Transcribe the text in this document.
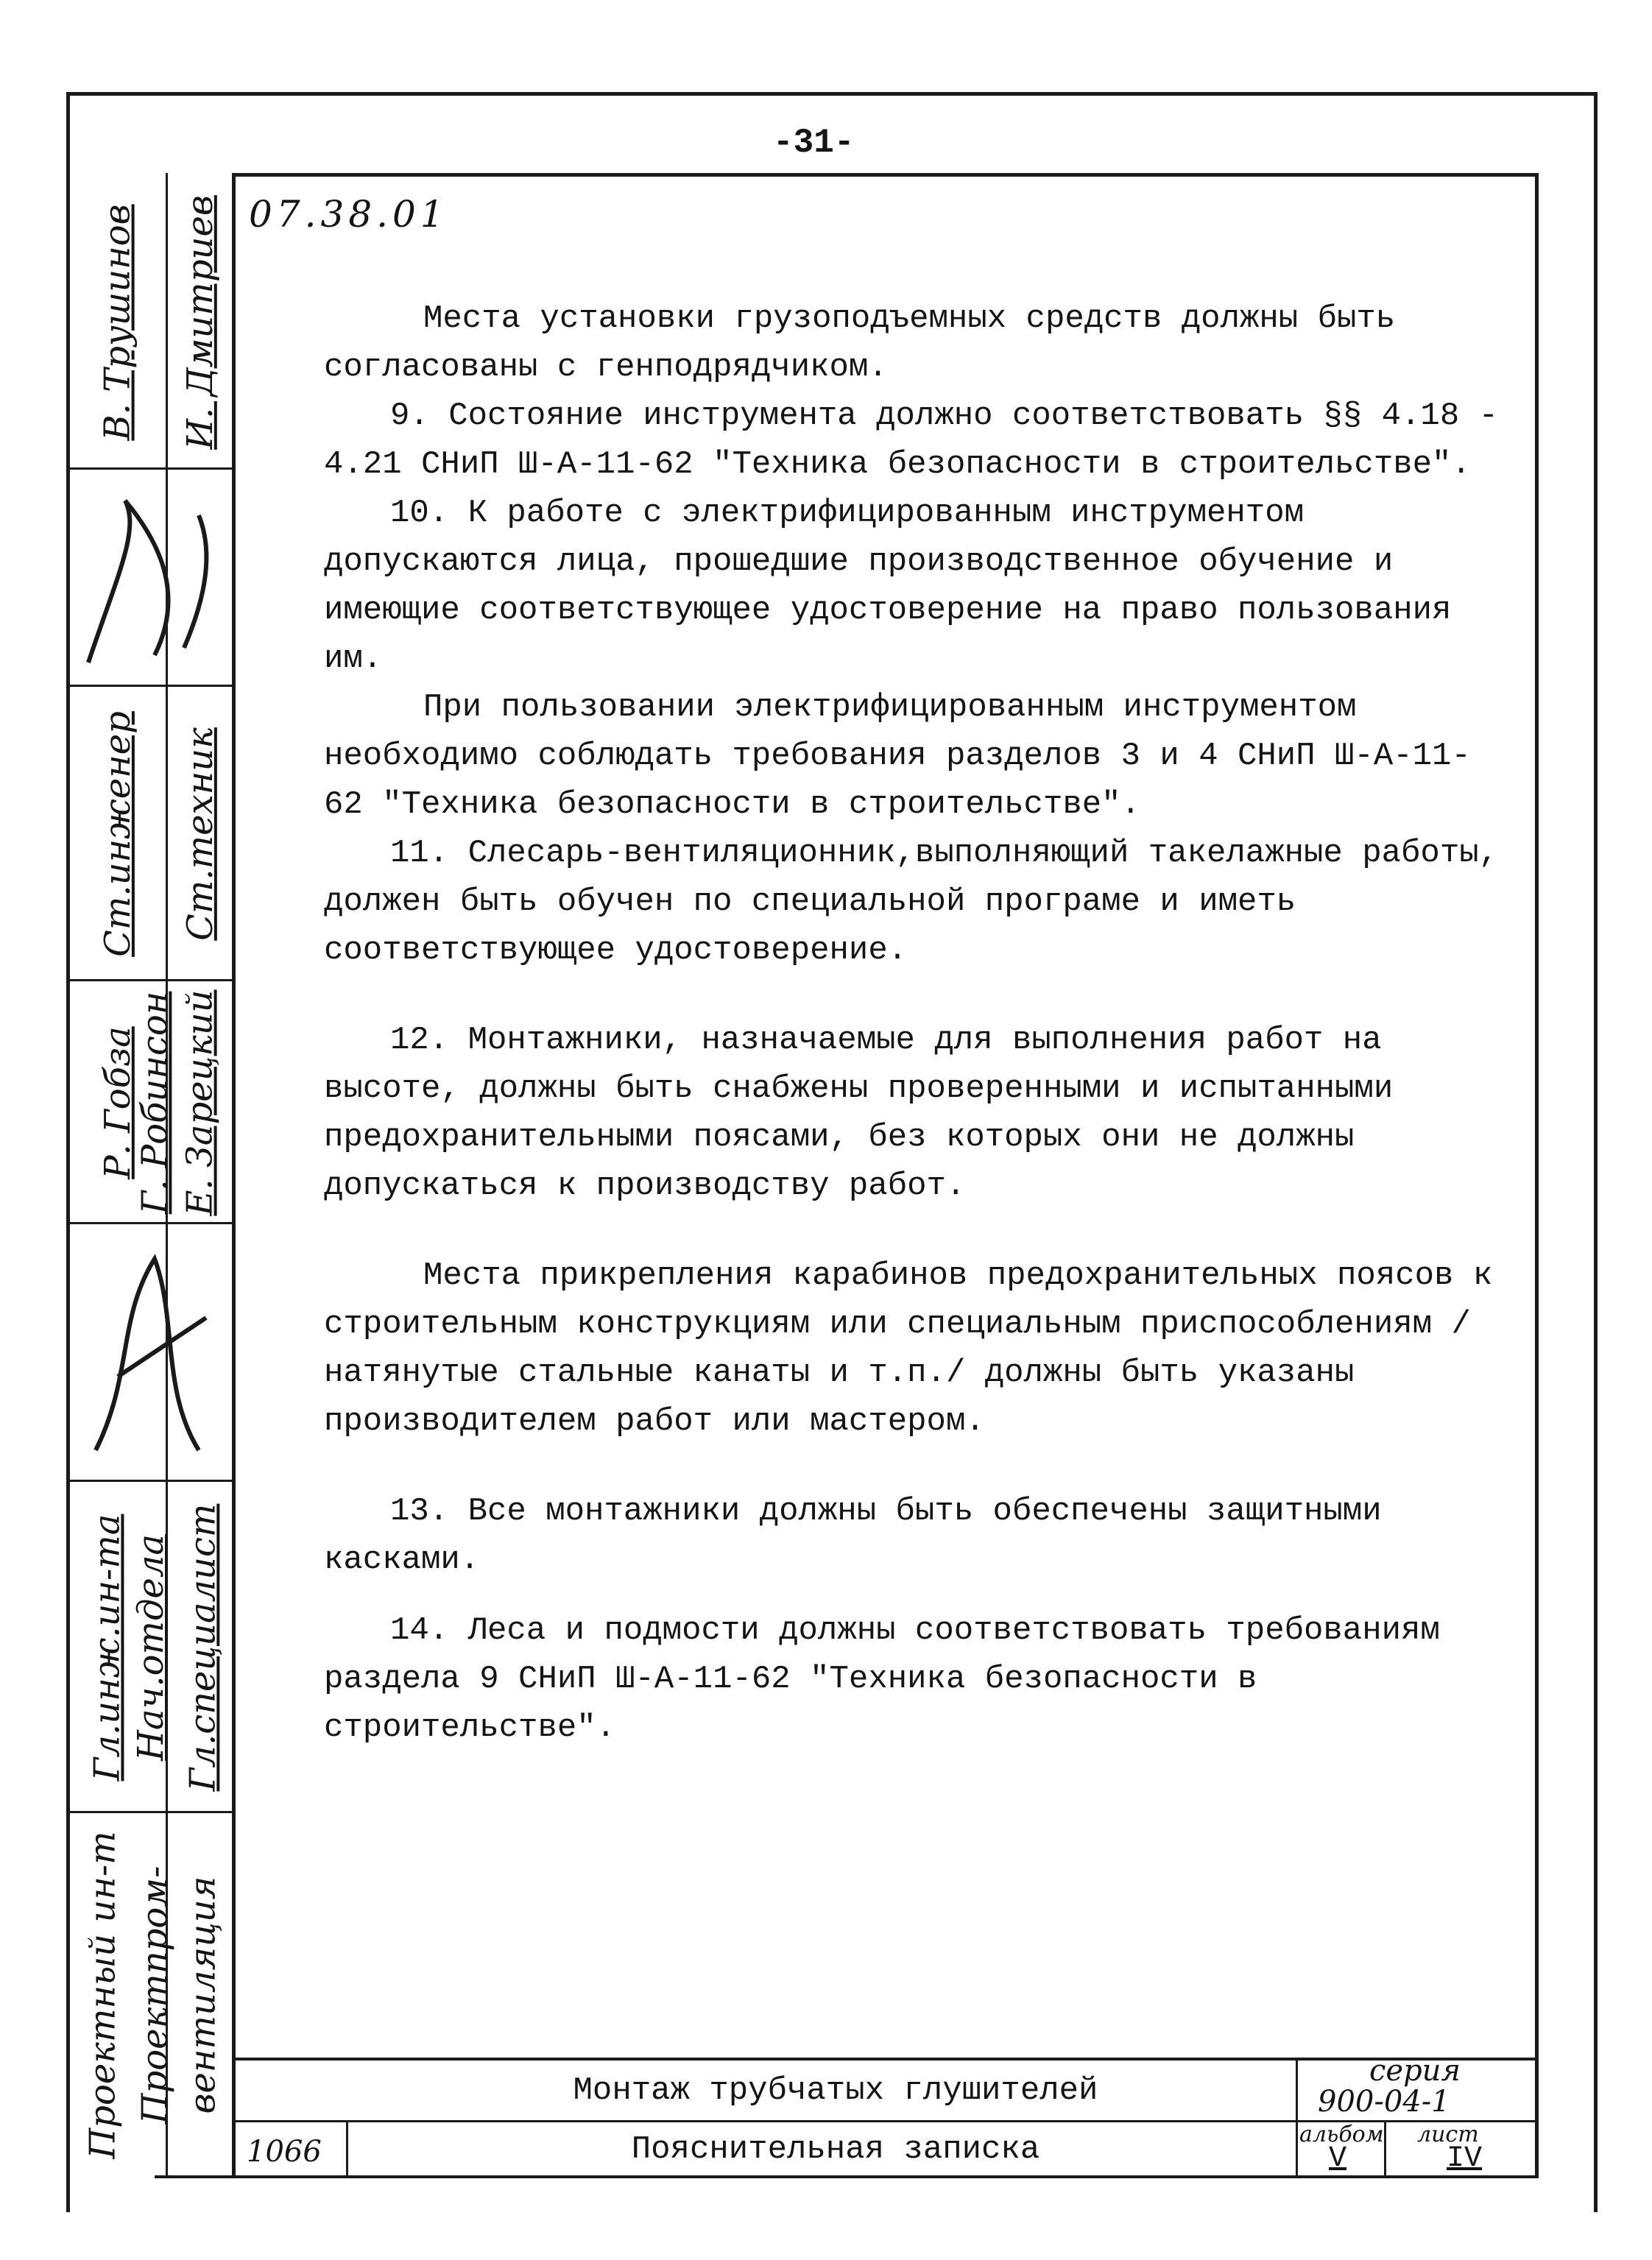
-31-
07.38.01
В. Трушинов И. Дмитриев
Ст.инженер Ст.техник
Р. Гобза
Г. Робинсон Е. Зарецкий
Гл.инж.ин-та Нач.отдела Гл.специалист
Проектный ин-т Проектпром- вентиляция

Места установки грузоподъемных средств должны быть согласованы с генподрядчиком.

9. Состояние инструмента должно соответствовать §§ 4.18 - 4.21 СНиП Ш-А-11-62 "Техника безопасности в строительстве".

10. К работе с электрифицированным инструментом допускаются лица, прошедшие производственное обучение и имеющие соответствующее удостоверение на право пользования им.

При пользовании электрифицированным инструментом необходимо соблюдать требования разделов 3 и 4 СНиП Ш-А-11-62 "Техника безопасности в строительстве".

11. Слесарь-вентиляционник,выполняющий такелажные работы, должен быть обучен по специальной програме и иметь соответствующее удостоверение.

12. Монтажники, назначаемые для выполнения работ на высоте, должны быть снабжены проверенными и испытанными предохранительными поясами, без которых они не должны допускаться к производству работ.

Места прикрепления карабинов предохранительных поясов к строительным конструкциям или специальным приспособлениям /натянутые стальные канаты и т.п./ должны быть указаны производителем работ или мастером.

13. Все монтажники должны быть обеспечены защитными касками.

14. Леса и подмости должны соответствовать требованиям раздела 9 СНиП Ш-А-11-62 "Техника безопасности в строительстве".

Монтаж трубчатых глушителей
Пояснительная записка
1066
серия
900-04-1
альбом
V
лист
IV
